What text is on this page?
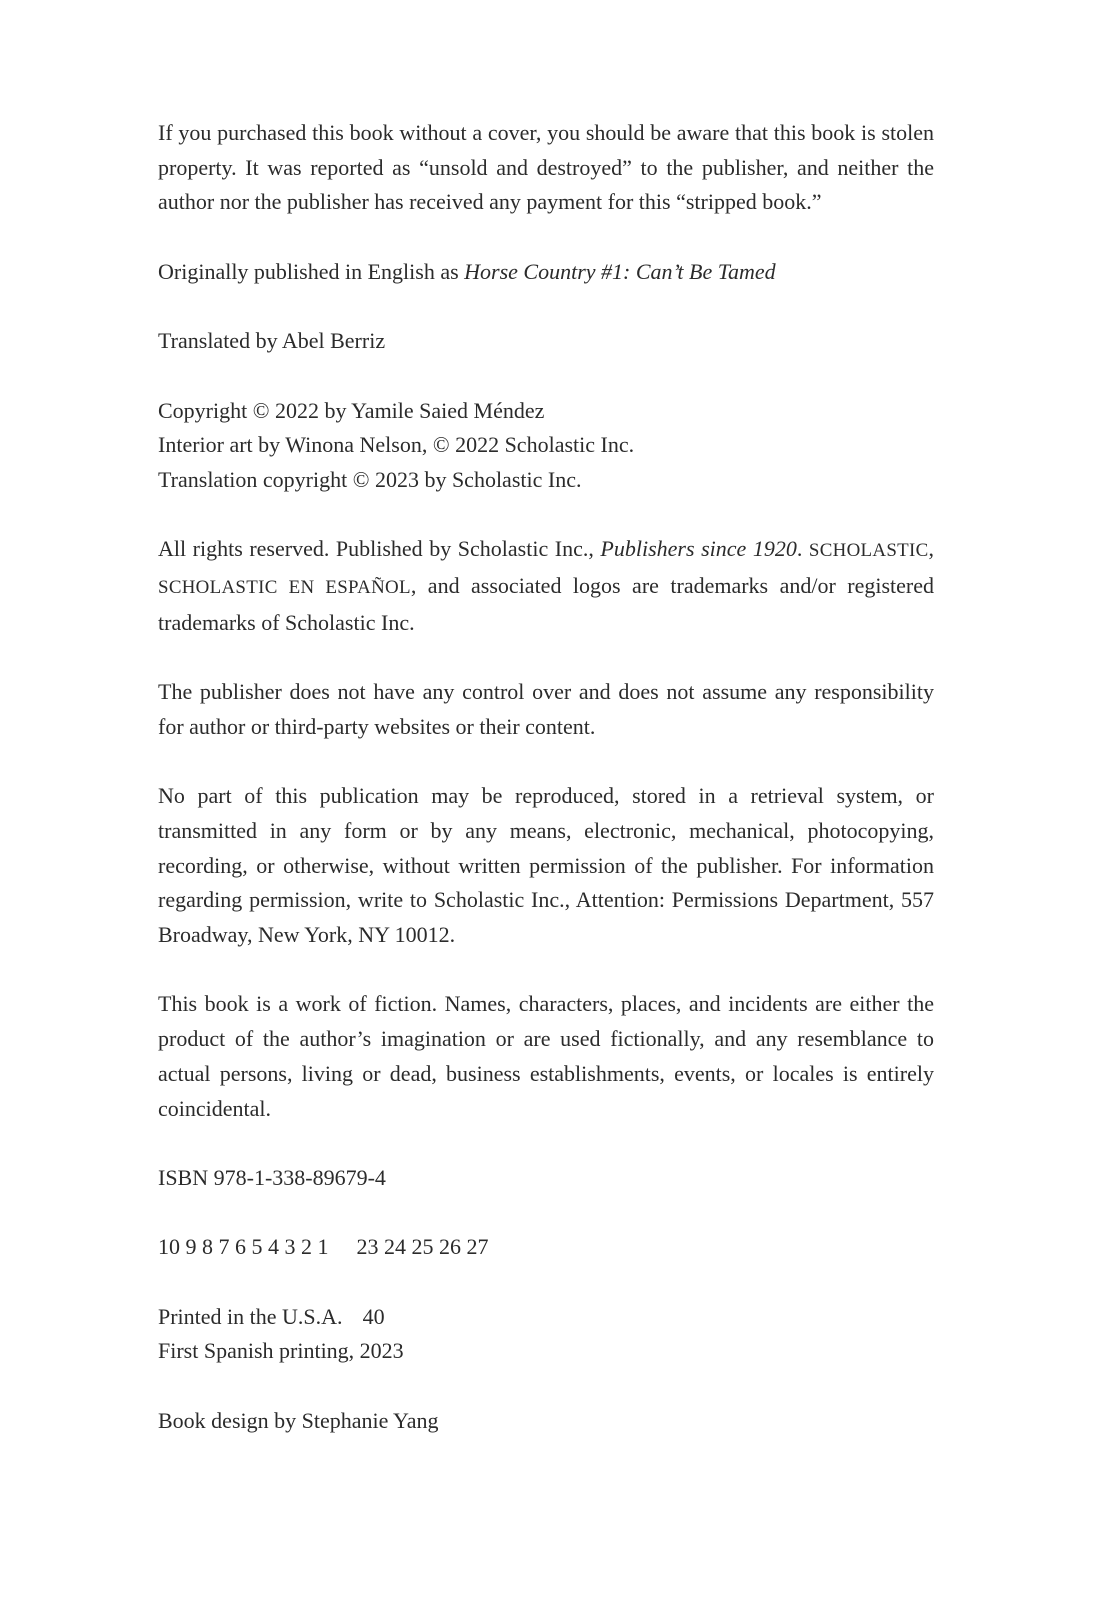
If you purchased this book without a cover, you should be aware that this book is stolen property. It was reported as “unsold and destroyed” to the publisher, and neither the author nor the publisher has received any payment for this “stripped book.”

Originally published in English as Horse Country #1: Can’t Be Tamed

Translated by Abel Berriz

Copyright © 2022 by Yamile Saied Méndez
Interior art by Winona Nelson, © 2022 Scholastic Inc.
Translation copyright © 2023 by Scholastic Inc.

All rights reserved. Published by Scholastic Inc., Publishers since 1920. SCHOLASTIC, SCHOLASTIC EN ESPAÑOL, and associated logos are trademarks and/or registered trademarks of Scholastic Inc.

The publisher does not have any control over and does not assume any responsibility for author or third-party websites or their content.

No part of this publication may be reproduced, stored in a retrieval system, or transmitted in any form or by any means, electronic, mechanical, photocopying, recording, or otherwise, without written permission of the publisher. For information regarding permission, write to Scholastic Inc., Attention: Permissions Department, 557 Broadway, New York, NY 10012.

This book is a work of fiction. Names, characters, places, and incidents are either the product of the author’s imagination or are used fictionally, and any resemblance to actual persons, living or dead, business establishments, events, or locales is entirely coincidental.

ISBN 978-1-338-89679-4

10 9 8 7 6 5 4 3 2 1 23 24 25 26 27

Printed in the U.S.A. 40
First Spanish printing, 2023

Book design by Stephanie Yang
